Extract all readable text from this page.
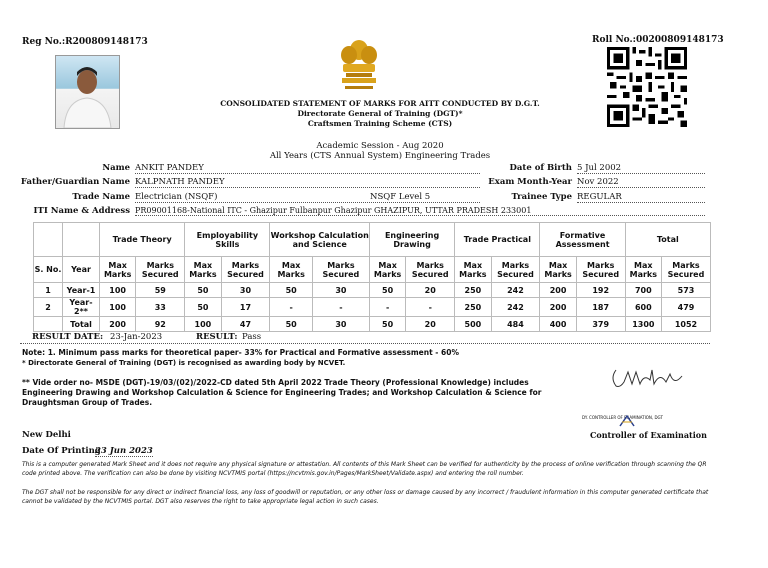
Reg No.:R200809148173	Roll No.:00200809148173
CONSOLIDATED STATEMENT OF MARKS FOR AITT CONDUCTED BY D.G.T.
Directorate General of Training (DGT)*
Craftsmen Training Scheme (CTS)
Academic Session - Aug 2020
All Years (CTS Annual System) Engineering Trades
Name ANKIT PANDEY
Father/Guardian Name KALPNATH PANDEY
Trade Name Electrician (NSQF)	NSQF Level 5
ITI Name & Address PR09001168-National ITC - Ghazipur Fulbanpur Ghazipur GHAZIPUR, UTTAR PRADESH 233001
Date of Birth 5 Jul 2002
Exam Month-Year Nov 2022
Trainee Type REGULAR
		Trade Theory		Employability Skills		Workshop Calculation and Science		Engineering Drawing		Trade Practical		Formative Assessment		Total	

S. No.	Year	Max Marks	Marks Secured	Max Marks	Marks Secured	Max Marks	Marks Secured	Max Marks	Marks Secured	Max Marks	Marks Secured	Max Marks	Marks Secured	Max Marks	Marks Secured
1	Year-1	100	59	50	30	50	30	50	20	250	242	200	192	700	573
2	Year-2**	100	33	50	17	-	-	-	-	250	242	200	187	600	479
	Total	200	92	100	47	50	30	50	20	500	484	400	379	1300	1052
RESULT DATE: 23-Jan-2023	RESULT: Pass
Note: 1. Minimum pass marks for theoretical paper- 33% for Practical and Formative assessment - 60%
* Directorate General of Training (DGT) is recognised as awarding body by NCVET.
** Vide order no- MSDE (DGT)-19/03/(02)/2022-CD dated 5th April 2022 Trade Theory (Professional Knowledge) includes Engineering Drawing and Workshop Calculation & Science for Engineering Trades; and Workshop Calculation & Science for Draughtsman Group of Trades.
DY. CONTROLLER OF EXAMINATION, DGT
Controller of Examination
New Delhi
Date Of Printing
23 Jun 2023
This is a computer generated Mark Sheet and it does not require any physical signature or attestation. All contents of this Mark Sheet can be verified for authenticity by the process of online verification through scanning the QR code printed above. The verification can also be done by visiting NCVTMIS portal (https://ncvtmis.gov.in/Pages/MarkSheet/Validate.aspx) and entering the roll number.
The DGT shall not be responsible for any direct or indirect financial loss, any loss of goodwill or reputation, or any other loss or damage caused by any incorrect / fraudulent information in this computer generated certificate that cannot be validated by the NCVTMIS portal. DGT also reserves the right to take appropriate legal action in such cases.
